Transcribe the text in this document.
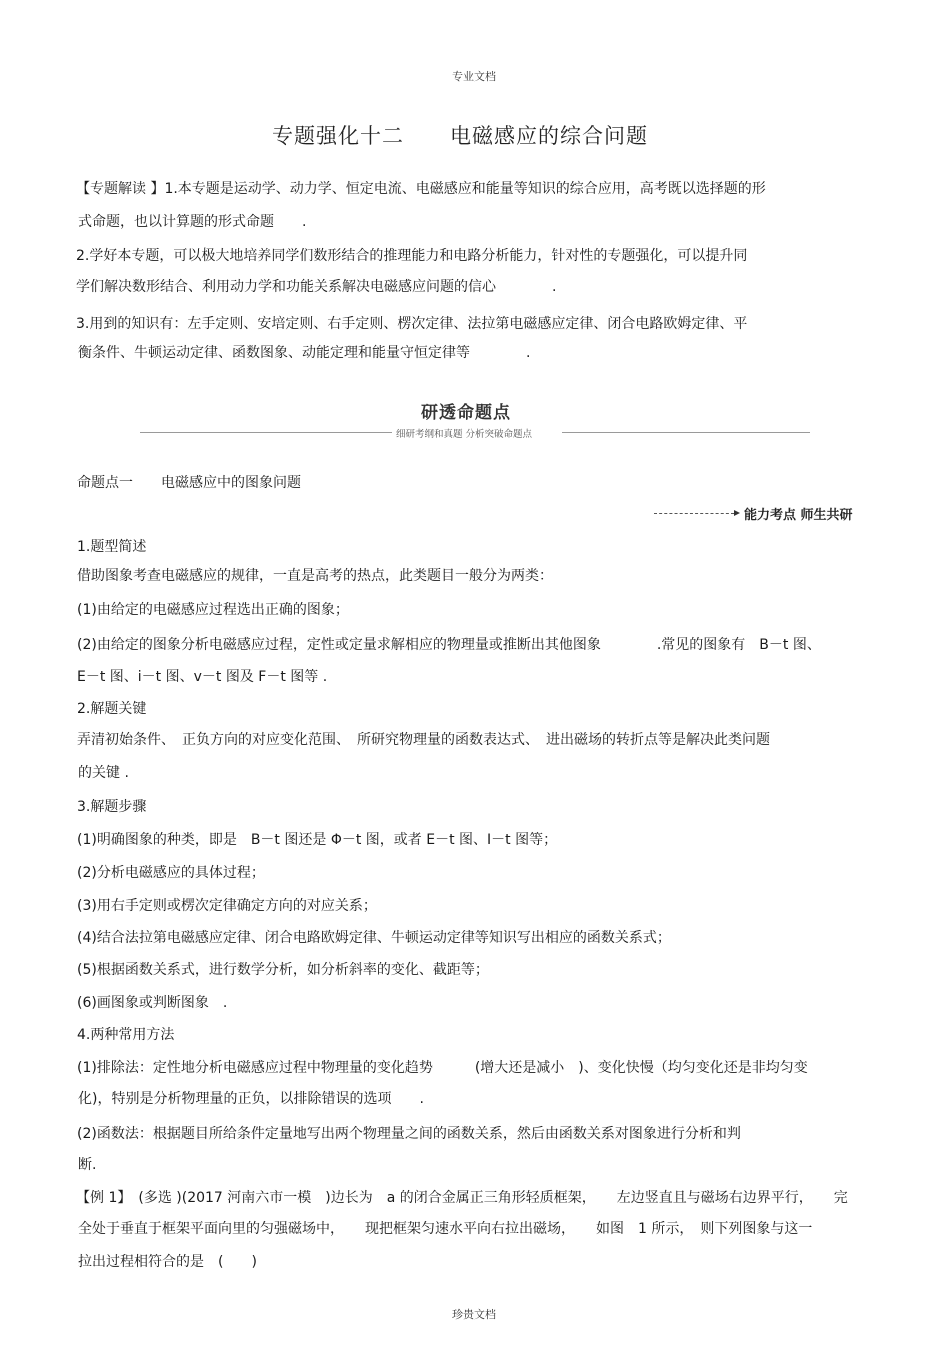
专业文档
专题强化十二 电磁感应的综合问题
【专题解读 】1.本专题是运动学、动力学、恒定电流、电磁感应和能量等知识的综合应用，高考既以选择题的形
式命题，也以计算题的形式命题　　.
2.学好本专题，可以极大地培养同学们数形结合的推理能力和电路分析能力，针对性的专题强化，可以提升同
学们解决数形结合、利用动力学和功能关系解决电磁感应问题的信心　　　　.
3.用到的知识有：左手定则、安培定则、右手定则、楞次定律、法拉第电磁感应定律、闭合电路欧姆定律、平
衡条件、牛顿运动定律、函数图象、动能定理和能量守恒定律等　　　　.
研透命题点
细研考纲和真题 分析突破命题点
命题点一　　电磁感应中的图象问题
能力考点 师生共研
1.题型简述
借助图象考查电磁感应的规律，一直是高考的热点，此类题目一般分为两类：
(1)由给定的电磁感应过程选出正确的图象；
(2)由给定的图象分析电磁感应过程，定性或定量求解相应的物理量或推断出其他图象　　　　.常见的图象有　B－t 图、
E－t 图、i－t 图、v－t 图及 F－t 图等 .
2.解题关键
弄清初始条件、　正负方向的对应变化范围、　所研究物理量的函数表达式、　进出磁场的转折点等是解决此类问题
的关键 .
3.解题步骤
(1)明确图象的种类，即是　B－t 图还是 Φ－t 图，或者 E－t 图、I－t 图等；
(2)分析电磁感应的具体过程；
(3)用右手定则或楞次定律确定方向的对应关系；
(4)结合法拉第电磁感应定律、闭合电路欧姆定律、牛顿运动定律等知识写出相应的函数关系式；
(5)根据函数关系式，进行数学分析，如分析斜率的变化、截距等；
(6)画图象或判断图象　.
4.两种常用方法
(1)排除法：定性地分析电磁感应过程中物理量的变化趋势　　　(增大还是减小　)、变化快慢（均匀变化还是非均匀变
化)，特别是分析物理量的正负，以排除错误的选项　　.
(2)函数法：根据题目所给条件定量地写出两个物理量之间的函数关系，然后由函数关系对图象进行分析和判
断.
【例 1】　(多选 )(2017 河南六市一模　)边长为　a 的闭合金属正三角形轻质框架，　　左边竖直且与磁场右边界平行，　　完
全处于垂直于框架平面向里的匀强磁场中，　　现把框架匀速水平向右拉出磁场，　　如图　1 所示，　则下列图象与这一
拉出过程相符合的是　(　　)
珍贵文档
